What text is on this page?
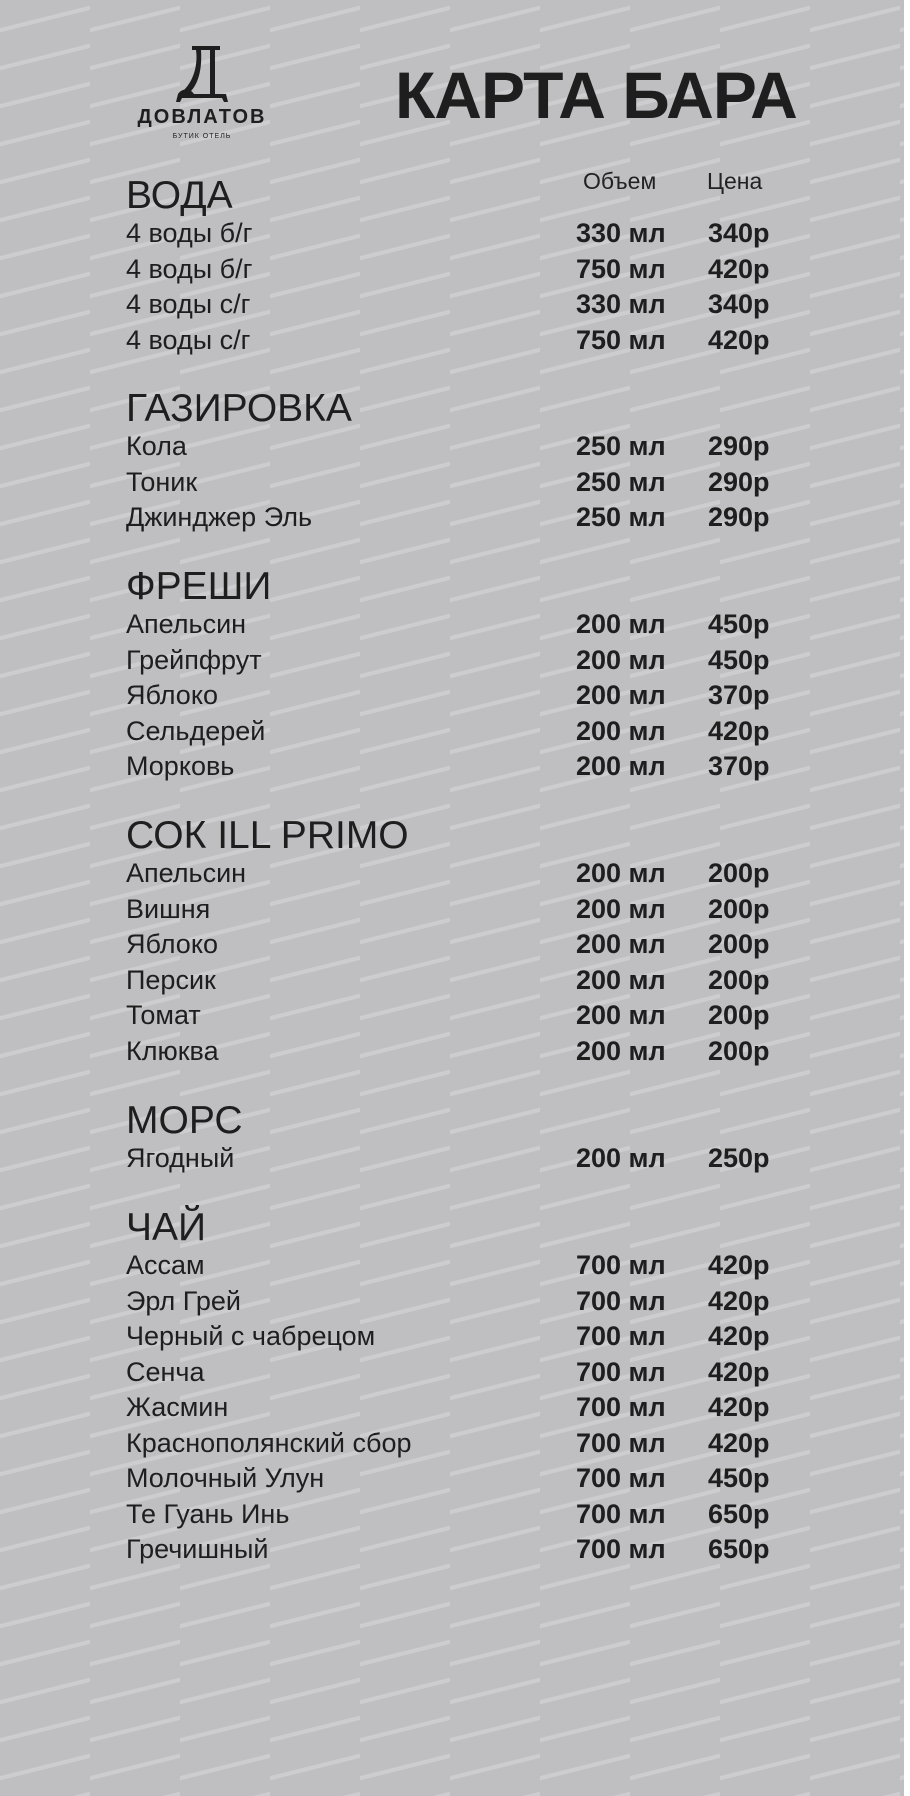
ДОВЛАТОВ
БУТИК ОТЕЛЬ
КАРТА БАРА
Объем Цена
ВОДА
4 воды б/г	330 мл 340р
4 воды б/г	750 мл 420р
4 воды с/г	330 мл 340р
4 воды с/г	750 мл 420р
ГАЗИРОВКА
Кола	250 мл 290р
Тоник	250 мл 290р
Джинджер Эль	250 мл 290р
ФРЕШИ
Апельсин	200 мл 450р
Грейпфрут	200 мл 450р
Яблоко	200 мл 370р
Сельдерей	200 мл 420р
Морковь	200 мл 370р
СОК ILL PRIMO
Апельсин	200 мл 200р
Вишня	200 мл 200р
Яблоко	200 мл 200р
Персик	200 мл 200р
Томат	200 мл 200р
Клюква	200 мл 200р
МОРС
Ягодный	200 мл 250р
ЧАЙ
Ассам	700 мл 420р
Эрл Грей	700 мл 420р
Черный с чабрецом	700 мл 420р
Сенча	700 мл 420р
Жасмин	700 мл 420р
Краснополянский сбор	700 мл 420р
Молочный Улун	700 мл 450р
Те Гуань Инь	700 мл 650р
Гречишный	700 мл 650р
